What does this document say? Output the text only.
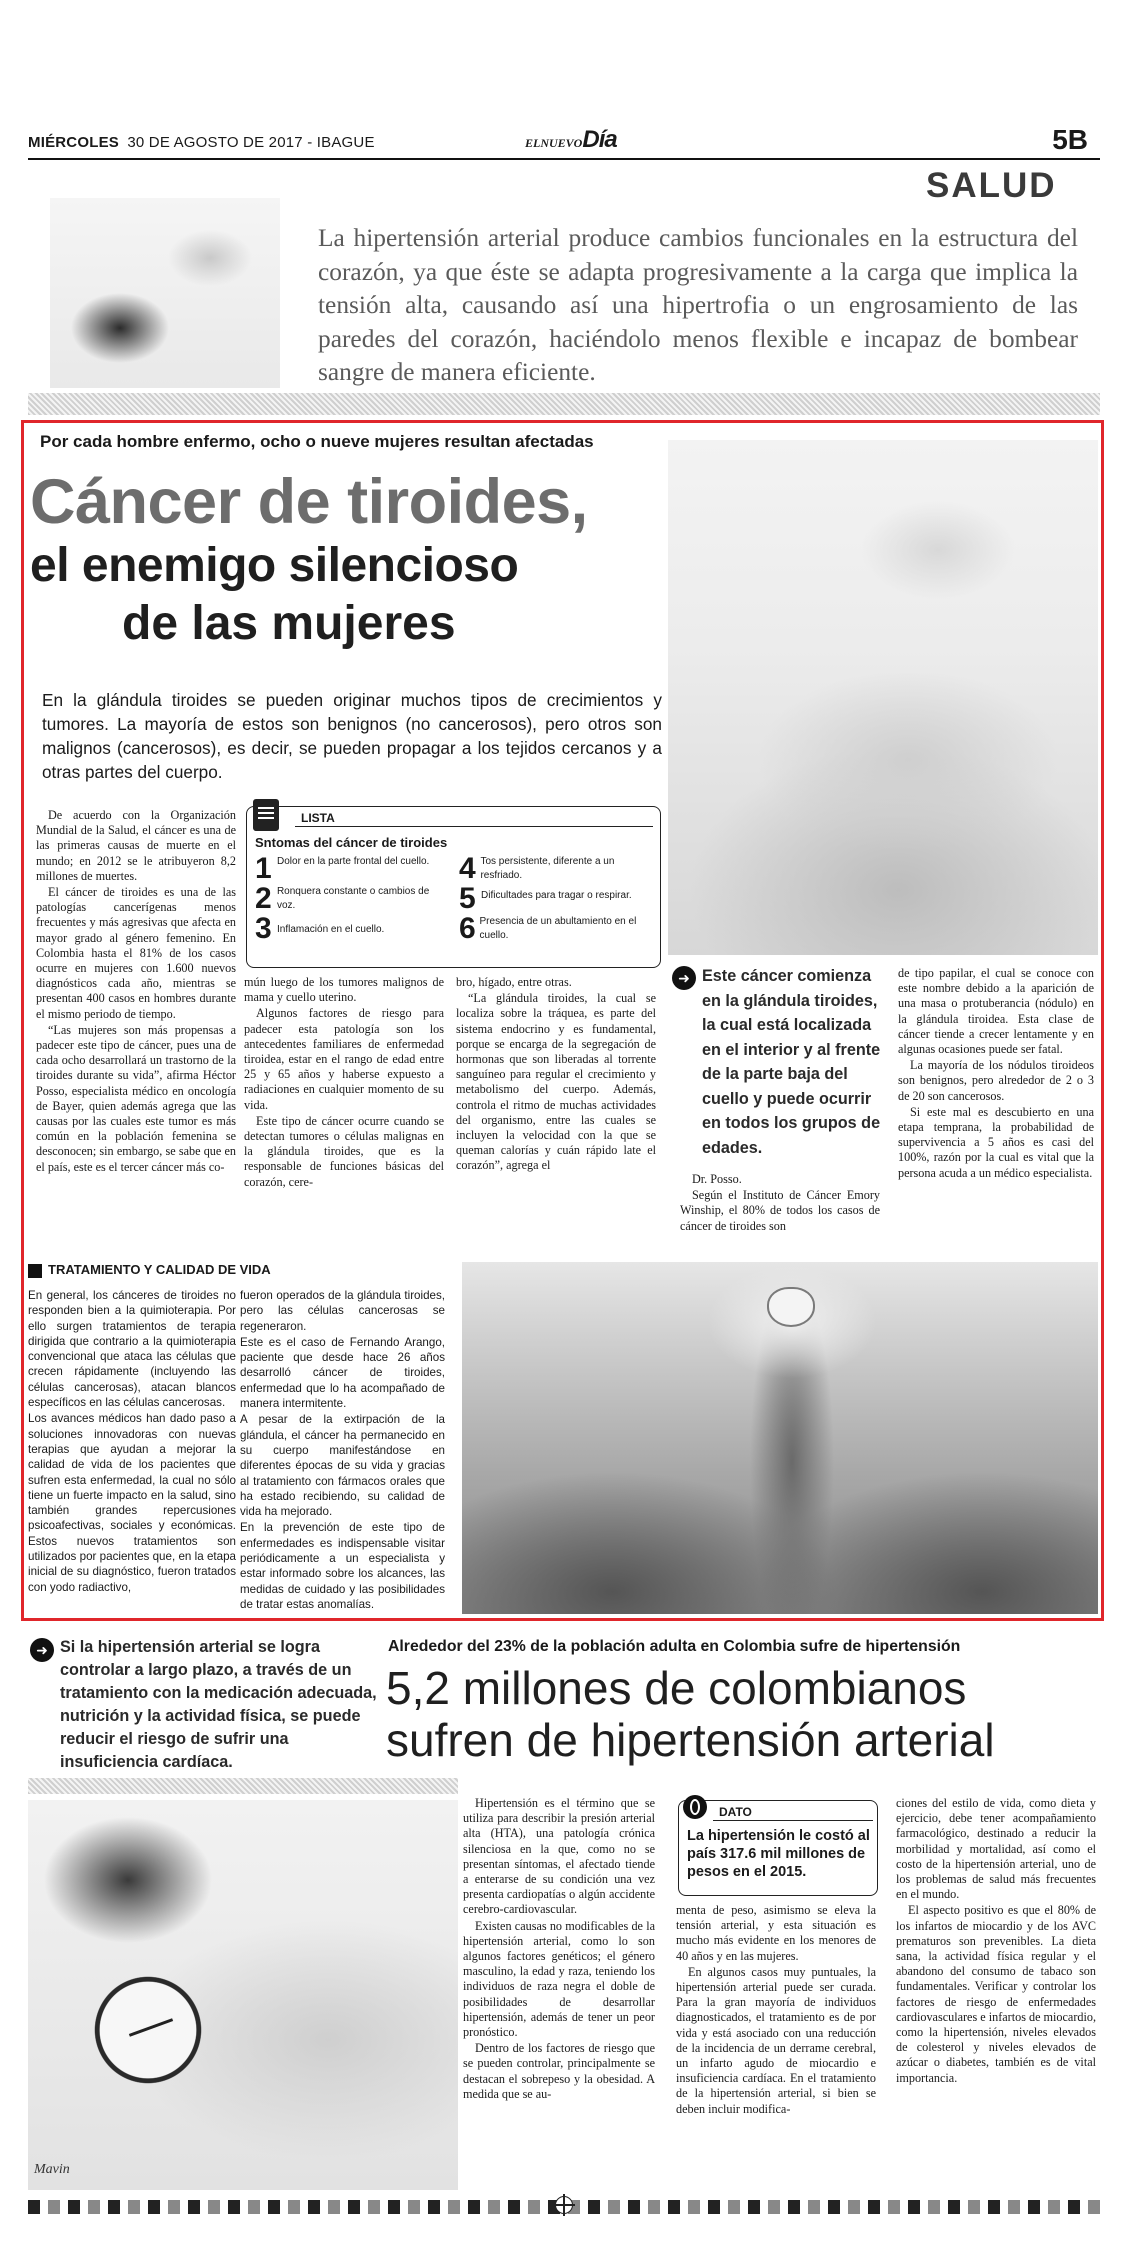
MIÉRCOLES 30 DE AGOSTO DE 2017 - IBAGUE	ELNUEVODía	5B
SALUD
La hipertensión arterial produce cambios funcionales en la estructura del corazón, ya que éste se adapta progresivamente a la carga que implica la tensión alta, causando así una hipertrofia o un engrosamiento de las paredes del corazón, haciéndolo menos flexible e incapaz de bombear sangre de manera eficiente.
Por cada hombre enfermo, ocho o nueve mujeres resultan afectadas
Cáncer de tiroides,
el enemigo silencioso
de las mujeres
En la glándula tiroides se pueden originar muchos tipos de crecimientos y tumores. La mayoría de estos son benignos (no cancerosos), pero otros son malignos (cancerosos), es decir, se pueden propagar a los tejidos cercanos y a otras partes del cuerpo.

De acuerdo con la Organización Mundial de la Salud, el cáncer es una de las primeras causas de muerte en el mundo; en 2012 se le atribuyeron 8,2 millones de muertes.

El cáncer de tiroides es una de las patologías cancerígenas menos frecuentes y más agresivas que afecta en mayor grado al género femenino. En Colombia hasta el 81% de los casos ocurre en mujeres con 1.600 nuevos diagnósticos cada año, mientras se presentan 400 casos en hombres durante el mismo periodo de tiempo.

“Las mujeres son más propensas a padecer este tipo de cáncer, pues una de cada ocho desarrollará un trastorno de la tiroides durante su vida”, afirma Héctor Posso, especialista médico en oncología de Bayer, quien además agrega que las causas por las cuales este tumor es más común en la población femenina se desconocen; sin embargo, se sabe que en el país, este es el tercer cáncer más co-

LISTA
Sntomas del cáncer de tiroides
1 Dolor en la parte frontal del cuello.
2 Ronquera constante o cambios de voz.
3 Inflamación en el cuello.
4 Tos persistente, diferente a un resfriado.
5 Dificultades para tragar o respirar.
6 Presencia de un abultamiento en el cuello.

mún luego de los tumores malignos de mama y cuello uterino.

Algunos factores de riesgo para padecer esta patología son los antecedentes familiares de enfermedad tiroidea, estar en el rango de edad entre 25 y 65 años y haberse expuesto a radiaciones en cualquier momento de su vida.

Este tipo de cáncer ocurre cuando se detectan tumores o células malignas en la glándula tiroides, que es la responsable de funciones básicas del corazón, cere-

bro, hígado, entre otras.

“La glándula tiroides, la cual se localiza sobre la tráquea, es parte del sistema endocrino y es fundamental, porque se encarga de la segregación de hormonas que son liberadas al torrente sanguíneo para regular el crecimiento y metabolismo del cuerpo. Además, controla el ritmo de muchas actividades del organismo, entre las cuales se incluyen la velocidad con la que se queman calorías y cuán rápido late el corazón”, agrega el

➜ Este cáncer comienza en la glándula tiroides, la cual está localizada en el interior y al frente de la parte baja del cuello y puede ocurrir en todos los grupos de edades.

Dr. Posso.

Según el Instituto de Cáncer Emory Winship, el 80% de todos los casos de cáncer de tiroides son

de tipo papilar, el cual se conoce con este nombre debido a la aparición de una masa o protuberancia (nódulo) en la glándula tiroidea. Esta clase de cáncer tiende a crecer lentamente y en algunas ocasiones puede ser fatal.

La mayoría de los nódulos tiroideos son benignos, pero alrededor de 2 o 3 de 20 son cancerosos.

Si este mal es descubierto en una etapa temprana, la probabilidad de supervivencia a 5 años es casi del 100%, razón por la cual es vital que la persona acuda a un médico especialista.

TRATAMIENTO Y CALIDAD DE VIDA

En general, los cánceres de tiroides no responden bien a la quimioterapia. Por ello surgen tratamientos de terapia dirigida que contrario a la quimioterapia convencional que ataca las células que crecen rápidamente (incluyendo las células cancerosas), atacan blancos específicos en las células cancerosas.

Los avances médicos han dado paso a soluciones innovadoras con nuevas terapias que ayudan a mejorar la calidad de vida de los pacientes que sufren esta enfermedad, la cual no sólo tiene un fuerte impacto en la salud, sino también grandes repercusiones psicoafectivas, sociales y económicas. Estos nuevos tratamientos son utilizados por pacientes que, en la etapa inicial de su diagnóstico, fueron tratados con yodo radiactivo,

fueron operados de la glándula tiroides, pero las células cancerosas se regeneraron.

Este es el caso de Fernando Arango, paciente que desde hace 26 años desarrolló cáncer de tiroides, enfermedad que lo ha acompañado de manera intermitente.

A pesar de la extirpación de la glándula, el cáncer ha permanecido en su cuerpo manifestándose en diferentes épocas de su vida y gracias al tratamiento con fármacos orales que ha estado recibiendo, su calidad de vida ha mejorado.

En la prevención de este tipo de enfermedades es indispensable visitar periódicamente a un especialista y estar informado sobre los alcances, las medidas de cuidado y las posibilidades de tratar estas anomalías.

➜ Si la hipertensión arterial se logra controlar a largo plazo, a través de un tratamiento con la medicación adecuada, nutrición y la actividad física, se puede reducir el riesgo de sufrir una insuficiencia cardíaca.
Alrededor del 23% de la población adulta en Colombia sufre de hipertensión
5,2 millones de colombianos
sufren de hipertensión arterial
Mavin

Hipertensión es el término que se utiliza para describir la presión arterial alta (HTA), una patología crónica silenciosa en la que, como no se presentan síntomas, el afectado tiende a enterarse de su condición una vez presenta cardiopatías o algún accidente cerebro-cardiovascular.

Existen causas no modificables de la hipertensión arterial, como lo son algunos factores genéticos; el género masculino, la edad y raza, teniendo los individuos de raza negra el doble de posibilidades de desarrollar hipertensión, además de tener un peor pronóstico.

Dentro de los factores de riesgo que se pueden controlar, principalmente se destacan el sobrepeso y la obesidad. A medida que se au-

DATO
La hipertensión le costó al país 317.6 mil millones de pesos en el 2015.

menta de peso, asimismo se eleva la tensión arterial, y esta situación es mucho más evidente en los menores de 40 años y en las mujeres.

En algunos casos muy puntuales, la hipertensión arterial puede ser curada. Para la gran mayoría de individuos diagnosticados, el tratamiento es de por vida y está asociado con una reducción de la incidencia de un derrame cerebral, un infarto agudo de miocardio e insuficiencia cardíaca. En el tratamiento de la hipertensión arterial, si bien se deben incluir modifica-

ciones del estilo de vida, como dieta y ejercicio, debe tener acompañamiento farmacológico, destinado a reducir la morbilidad y mortalidad, así como el costo de la hipertensión arterial, uno de los problemas de salud más frecuentes en el mundo.

El aspecto positivo es que el 80% de los infartos de miocardio y de los AVC prematuros son prevenibles. La dieta sana, la actividad física regular y el abandono del consumo de tabaco son fundamentales. Verificar y controlar los factores de riesgo de enfermedades cardiovasculares e infartos de miocardio, como la hipertensión, niveles elevados de colesterol y niveles elevados de azúcar o diabetes, también es de vital importancia.
